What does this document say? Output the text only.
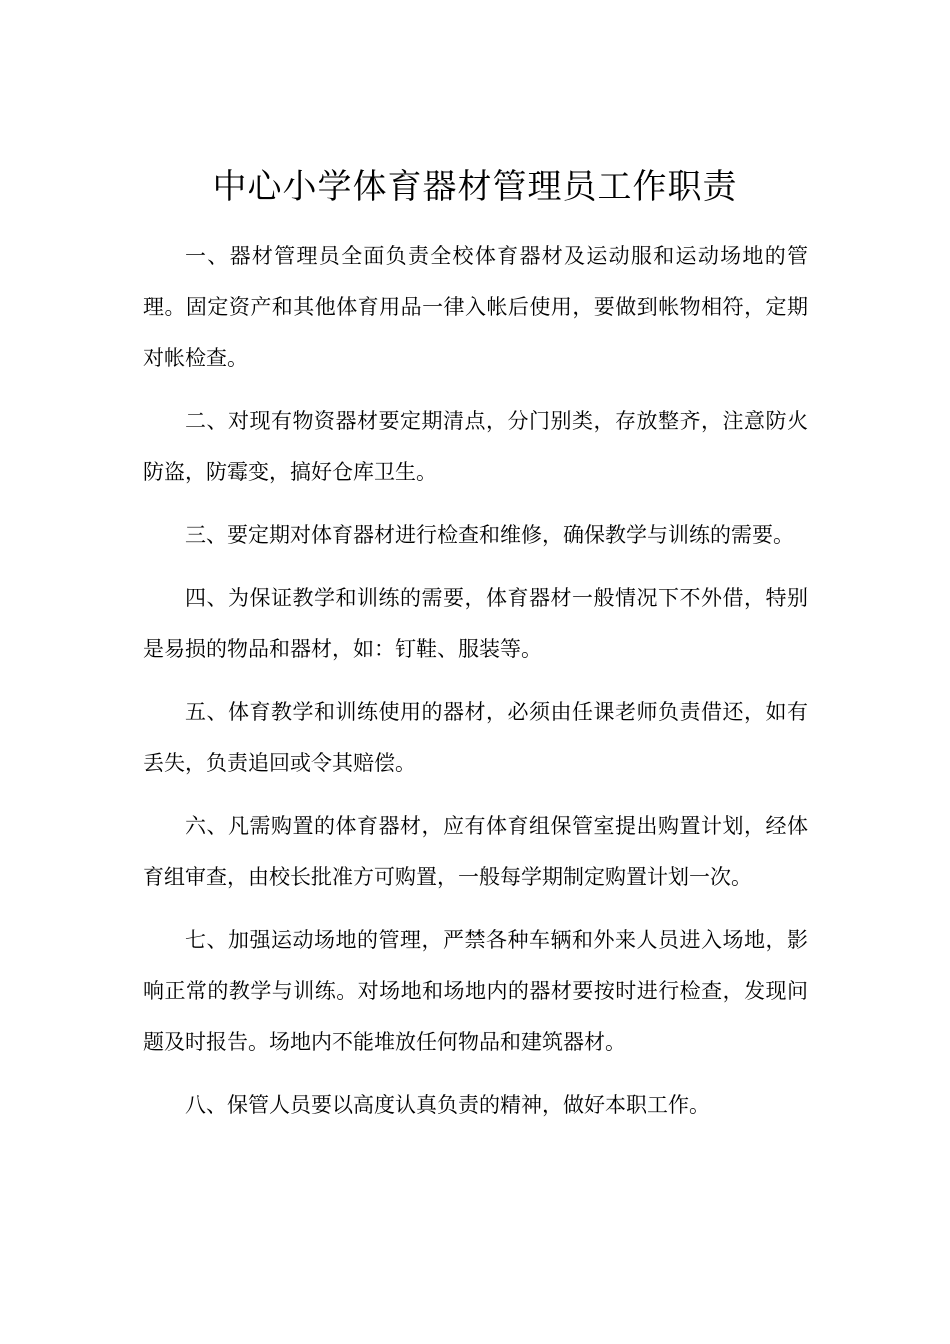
中心小学体育器材管理员工作职责

一、器材管理员全面负责全校体育器材及运动服和运动场地的管理。固定资产和其他体育用品一律入帐后使用，要做到帐物相符，定期对帐检查。

二、对现有物资器材要定期清点，分门别类，存放整齐，注意防火防盗，防霉变，搞好仓库卫生。

三、要定期对体育器材进行检查和维修，确保教学与训练的需要。

四、为保证教学和训练的需要，体育器材一般情况下不外借，特别是易损的物品和器材，如：钉鞋、服装等。

五、体育教学和训练使用的器材，必须由任课老师负责借还，如有丢失，负责追回或令其赔偿。

六、凡需购置的体育器材，应有体育组保管室提出购置计划，经体育组审查，由校长批准方可购置，一般每学期制定购置计划一次。

七、加强运动场地的管理，严禁各种车辆和外来人员进入场地，影响正常的教学与训练。对场地和场地内的器材要按时进行检查，发现问题及时报告。场地内不能堆放任何物品和建筑器材。

八、保管人员要以高度认真负责的精神，做好本职工作。
